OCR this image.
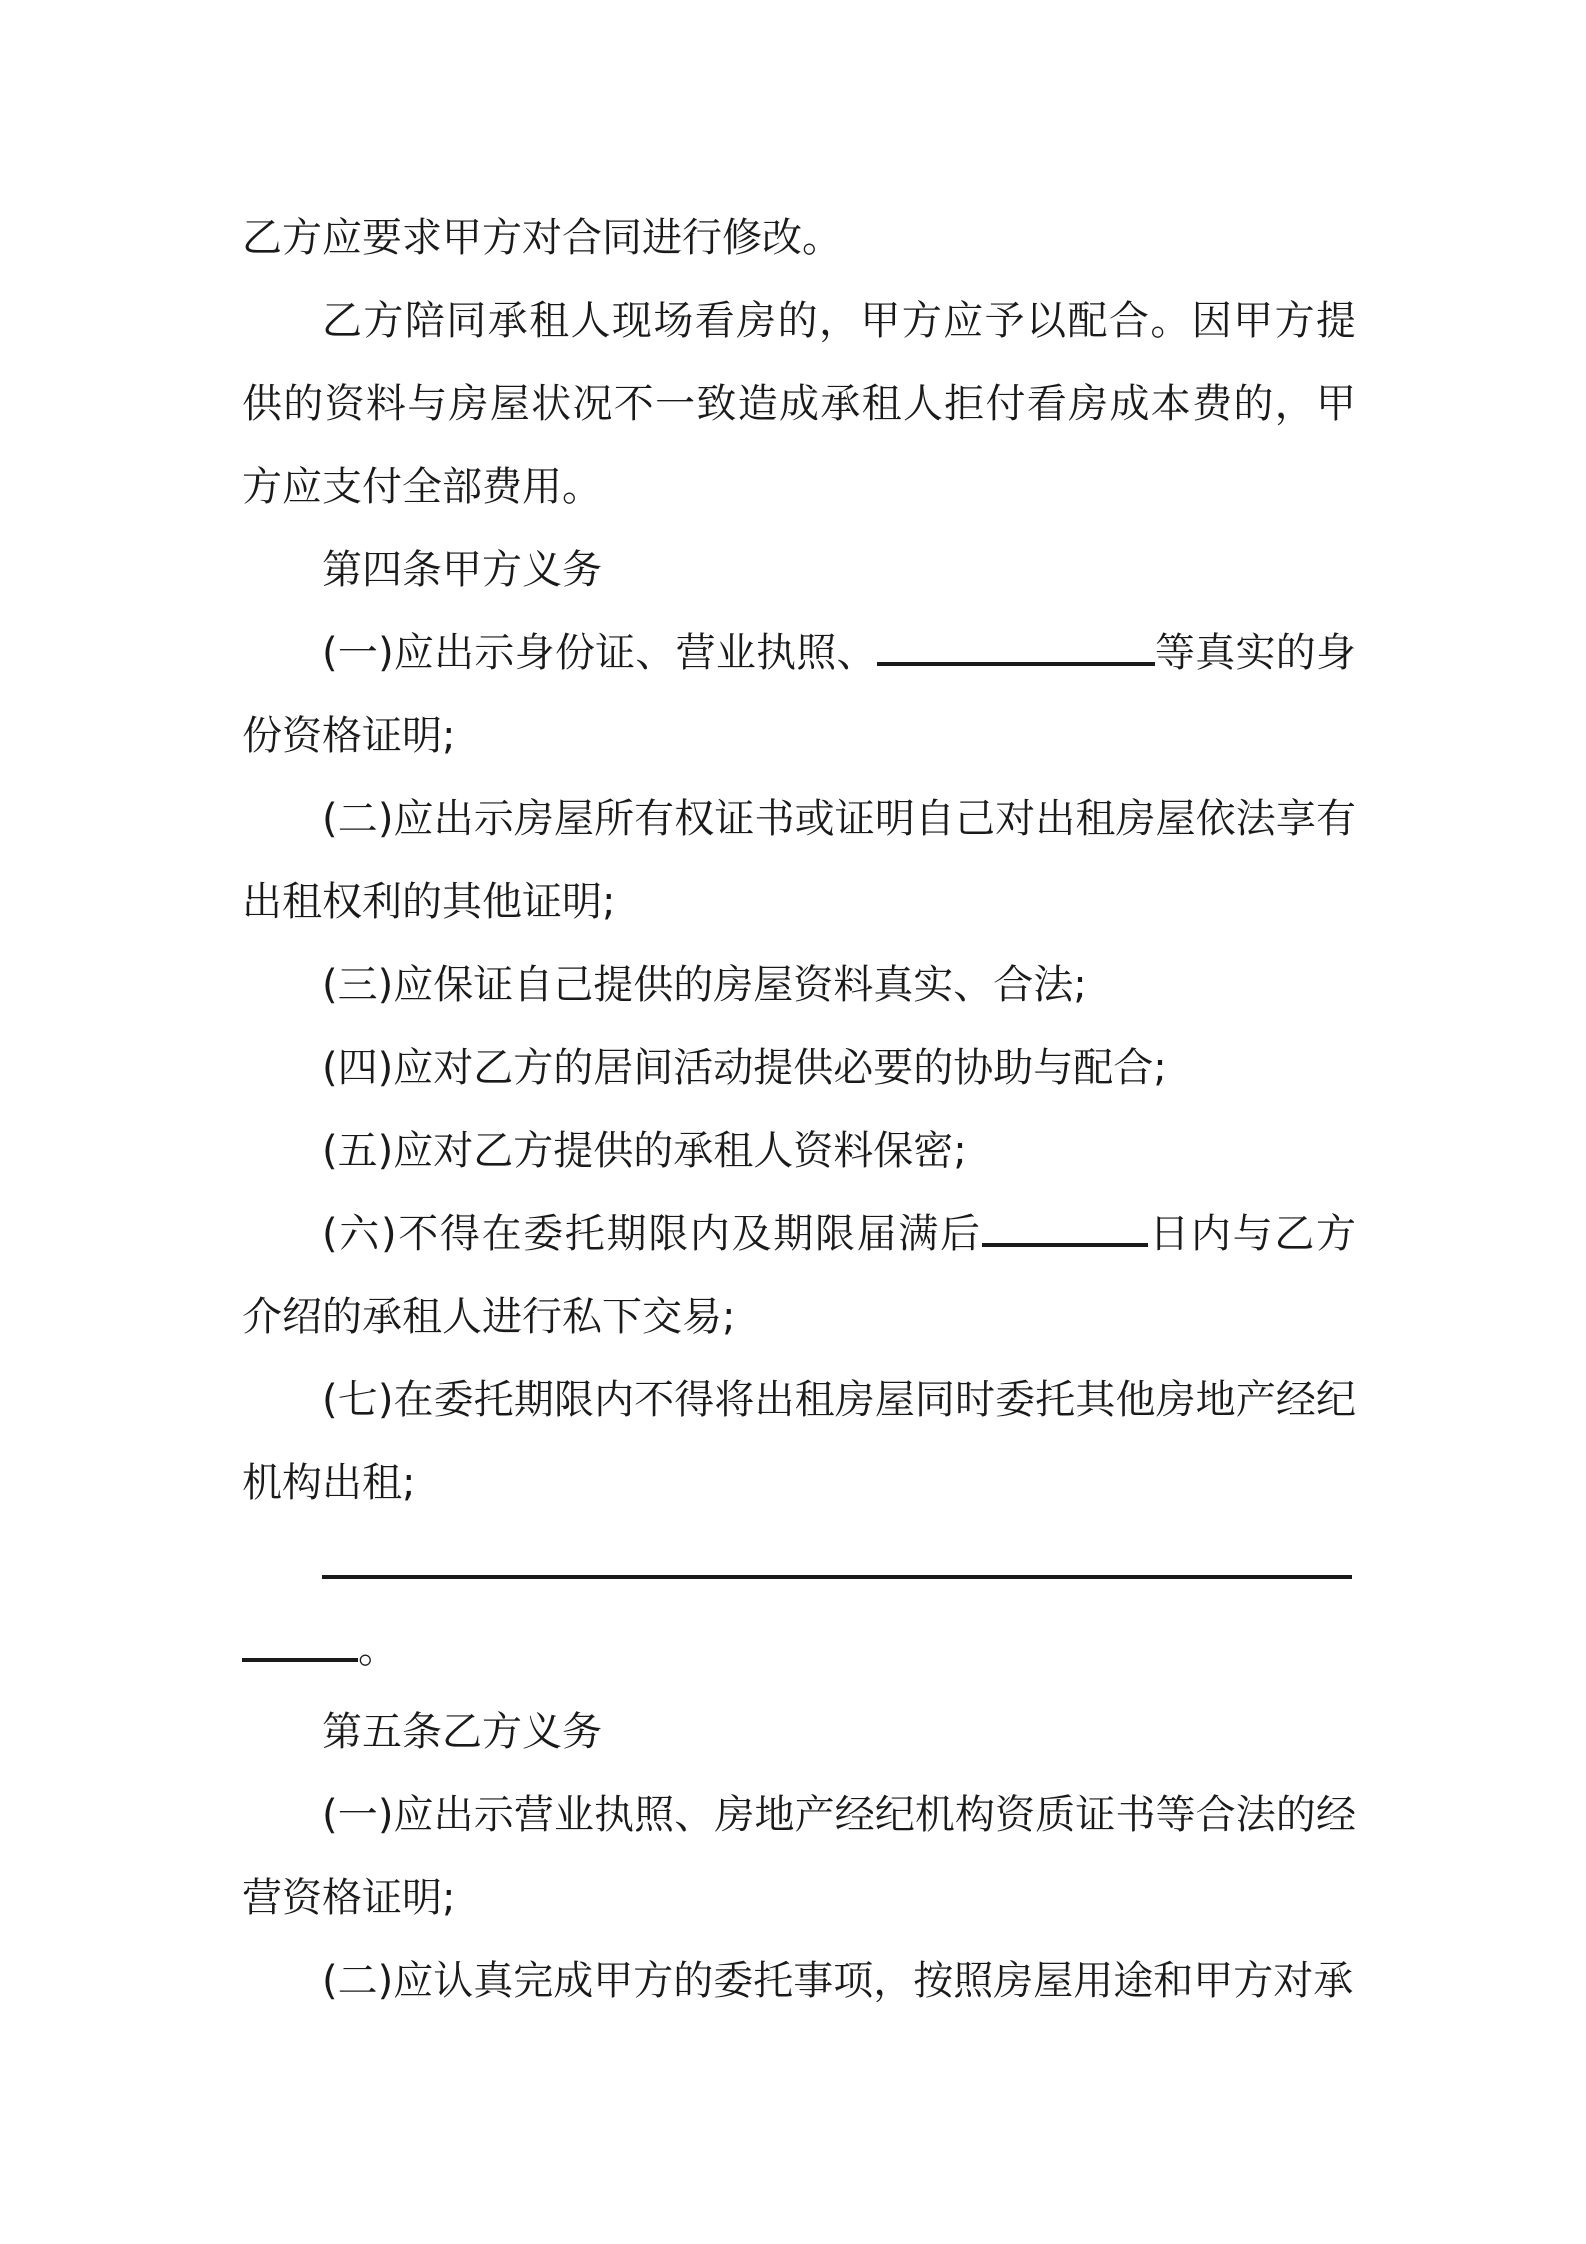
乙方应要求甲方对合同进行修改。

乙方陪同承租人现场看房的，甲方应予以配合。因甲方提供的资料与房屋状况不一致造成承租人拒付看房成本费的，甲方应支付全部费用。

第四条甲方义务

(一)应出示身份证、营业执照、	等真实的身份资格证明;

(二)应出示房屋所有权证书或证明自己对出租房屋依法享有出租权利的其他证明;

(三)应保证自己提供的房屋资料真实、合法;

(四)应对乙方的居间活动提供必要的协助与配合;

(五)应对乙方提供的承租人资料保密;

(六)不得在委托期限内及期限届满后	日内与乙方介绍的承租人进行私下交易;

(七)在委托期限内不得将出租房屋同时委托其他房地产经纪机构出租;

。

第五条乙方义务

(一)应出示营业执照、房地产经纪机构资质证书等合法的经营资格证明;

(二)应认真完成甲方的委托事项，按照房屋用途和甲方对承
